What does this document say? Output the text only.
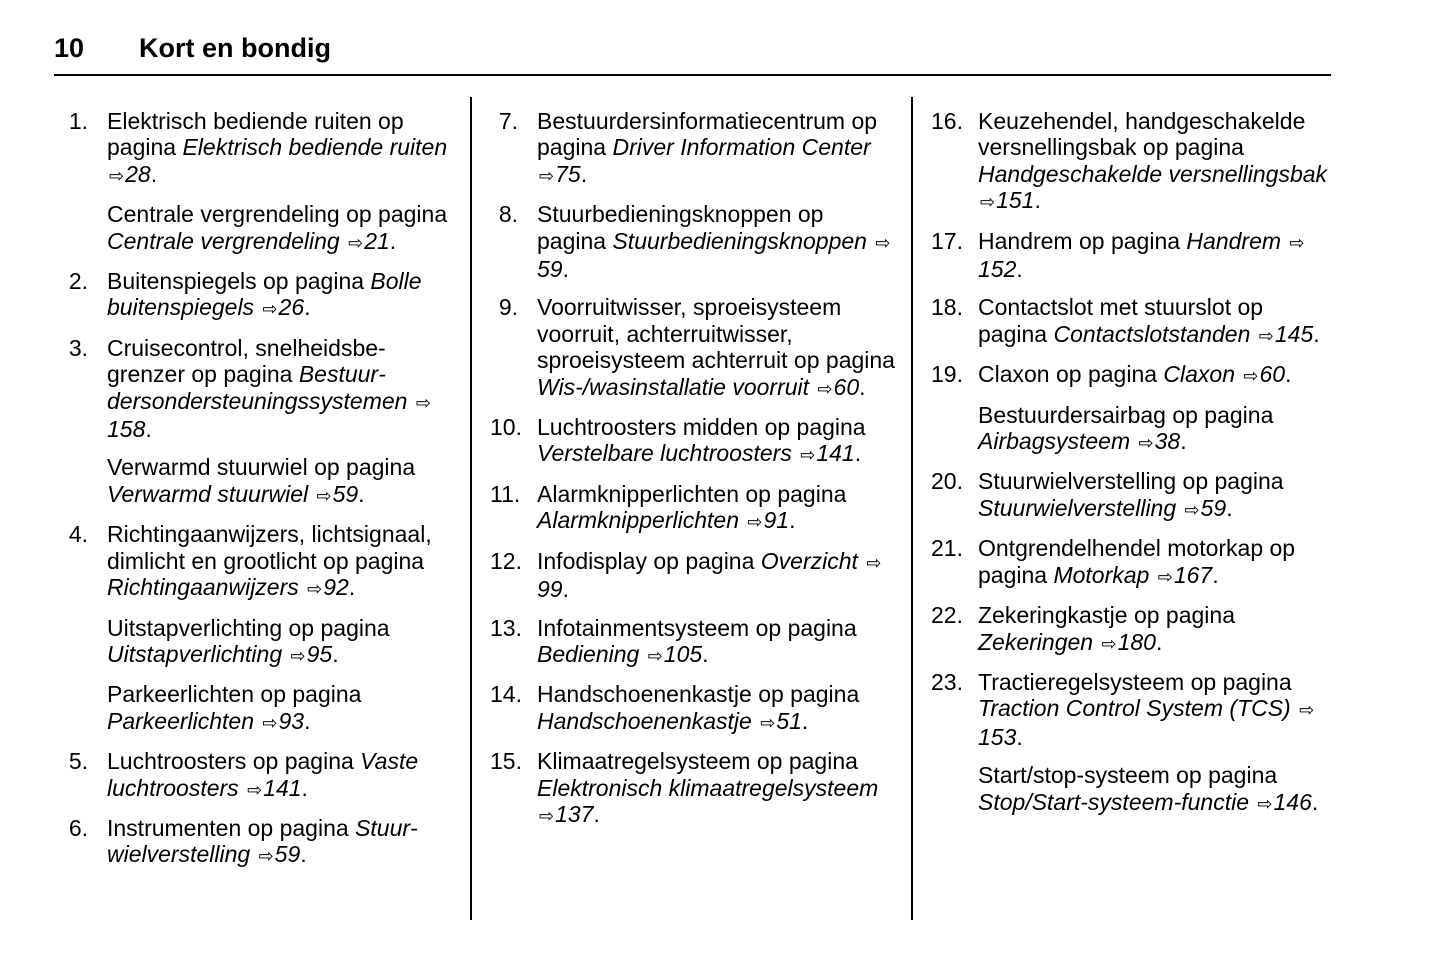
10 Kort en bondig
1. Elektrisch bediende ruiten op pagina Elektrisch bediende ruiten ⇨28.
Centrale vergrendeling op pagina Centrale vergrendeling ⇨21.
2. Buitenspiegels op pagina Bolle buitenspiegels ⇨26.
3. Cruisecontrol, snelheidsbegrenzer op pagina Bestuurdersondersteuningssystemen ⇨158.
Verwarmd stuurwiel op pagina Verwarmd stuurwiel ⇨59.
4. Richtingaanwijzers, lichtsignaal, dimlicht en grootlicht op pagina Richtingaanwijzers ⇨92.
Uitstapverlichting op pagina Uitstapverlichting ⇨95.
Parkeerlichten op pagina Parkeerlichten ⇨93.
5. Luchtroosters op pagina Vaste luchtroosters ⇨141.
6. Instrumenten op pagina Stuurwielverstelling ⇨59.
7. Bestuurdersinformatiecentrum op pagina Driver Information Center ⇨75.
8. Stuurbedieningsknoppen op pagina Stuurbedieningsknoppen ⇨59.
9. Voorruitwisser, sproeisysteem voorruit, achterruitwisser, sproeisysteem achterruit op pagina Wis-/wasinstallatie voorruit ⇨60.
10. Luchtroosters midden op pagina Verstelbare luchtroosters ⇨141.
11. Alarmknipperlichten op pagina Alarmknipperlichten ⇨91.
12. Infodisplay op pagina Overzicht ⇨99.
13. Infotainmentsysteem op pagina Bediening ⇨105.
14. Handschoenenkastje op pagina Handschoenenkastje ⇨51.
15. Klimaatregelsysteem op pagina Elektronisch klimaatregelsysteem ⇨137.
16. Keuzehendel, handgeschakelde versnellingsbak op pagina Handgeschakelde versnellingsbak ⇨151.
17. Handrem op pagina Handrem ⇨152.
18. Contactslot met stuurslot op pagina Contactslotstanden ⇨145.
19. Claxon op pagina Claxon ⇨60.
Bestuurdersairbag op pagina Airbagsysteem ⇨38.
20. Stuurwielverstelling op pagina Stuurwielverstelling ⇨59.
21. Ontgrendelhendel motorkap op pagina Motorkap ⇨167.
22. Zekeringkastje op pagina Zekeringen ⇨180.
23. Tractieregelsysteem op pagina Traction Control System (TCS) ⇨153.
Start/stop-systeem op pagina Stop/Start-systeem-functie ⇨146.
